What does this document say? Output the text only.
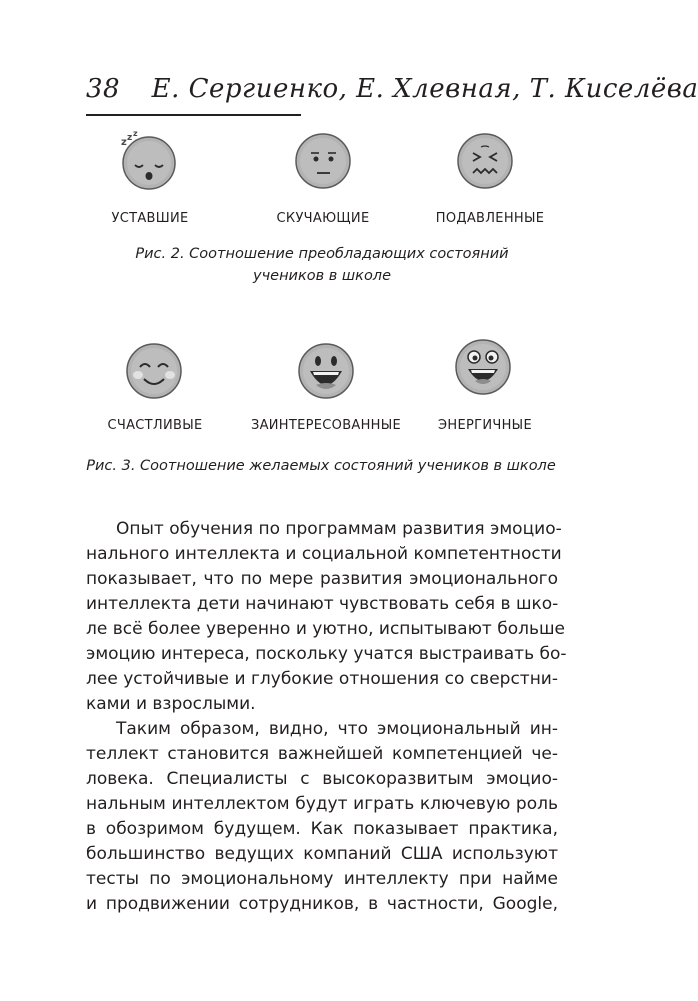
38 Е. Сергиенко, Е. Хлевная, Т. Киселёва
z z z
УСТАВШИЕ	СКУЧАЮЩИЕ	ПОДАВЛЕННЫЕ
Рис. 2. Соотношение преобладающих состояний
учеников в школе
СЧАСТЛИВЫЕ	ЗАИНТЕРЕСОВАННЫЕ	ЭНЕРГИЧНЫЕ
Рис. 3. Соотношение желаемых состояний учеников в школе
Опыт обучения по программам развития эмоцио-
нального интеллекта и социальной компетентности
показывает, что по мере развития эмоционального
интеллекта дети начинают чувствовать себя в шко-
ле всё более уверенно и уютно, испытывают больше
эмоцию интереса, поскольку учатся выстраивать бо-
лее устойчивые и глубокие отношения со сверстни-
ками и взрослыми.
Таким образом, видно, что эмоциональный ин-
теллект становится важнейшей компетенцией че-
ловека. Специалисты с высокоразвитым эмоцио-
нальным интеллектом будут играть ключевую роль
в обозримом будущем. Как показывает практика,
большинство ведущих компаний США используют
тесты по эмоциональному интеллекту при найме
и продвижении сотрудников, в частности, Google,
